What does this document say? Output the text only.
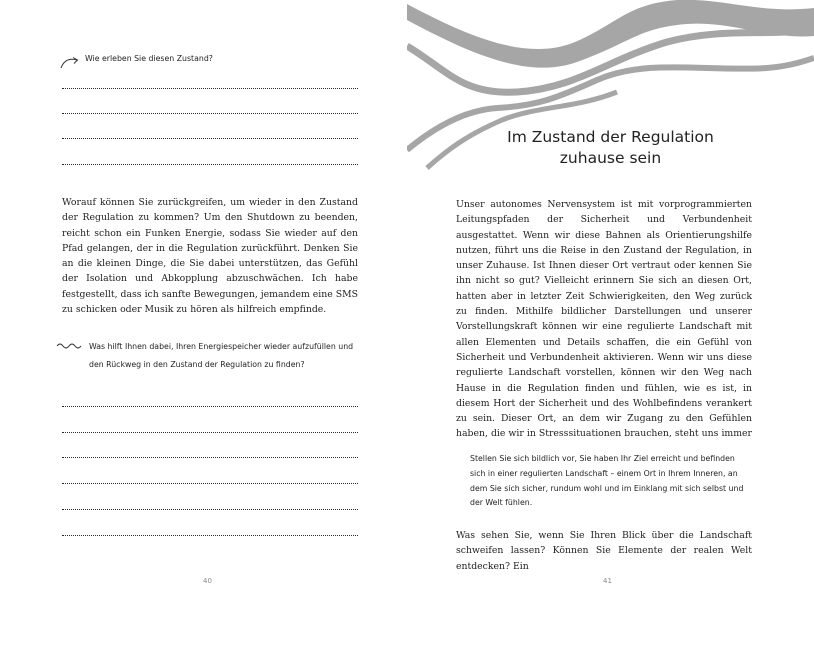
Wie erleben Sie diesen Zustand?
Worauf können Sie zurückgreifen, um wieder in den Zustand der Regulation zu kommen? Um den Shutdown zu beenden, reicht schon ein Funken Energie, sodass Sie wieder auf den Pfad gelangen, der in die Regulation zurückführt. Denken Sie an die kleinen Dinge, die Sie dabei unterstützen, das Gefühl der Isolation und Abkopplung abzuschwächen. Ich habe festgestellt, dass ich sanfte Bewegungen, jemandem eine SMS zu schicken oder Musik zu hören als hilfreich empfinde.
Was hilft Ihnen dabei, Ihren Energiespeicher wieder aufzufüllen und den Rückweg in den Zustand der Regulation zu finden?
40
Im Zustand der Regulation
zuhause sein
Unser autonomes Nervensystem ist mit vorprogrammierten Leitungspfaden der Sicherheit und Verbundenheit ausgestattet. Wenn wir diese Bahnen als Orientierungshilfe nutzen, führt uns die Reise in den Zustand der Regulation, in unser Zuhause. Ist Ihnen dieser Ort vertraut oder kennen Sie ihn nicht so gut? Vielleicht erinnern Sie sich an diesen Ort, hatten aber in letzter Zeit Schwierigkeiten, den Weg zurück zu finden. Mithilfe bildlicher Darstellungen und unserer Vorstellungskraft können wir eine regulierte Landschaft mit allen Elementen und Details schaffen, die ein Gefühl von Sicherheit und Verbundenheit aktivieren. Wenn wir uns diese regulierte Landschaft vorstellen, können wir den Weg nach Hause in die Regulation finden und fühlen, wie es ist, in diesem Hort der Sicherheit und des Wohlbefindens verankert zu sein. Dieser Ort, an dem wir Zugang zu den Gefühlen haben, die wir in Stresssituationen brauchen, steht uns immer
Stellen Sie sich bildlich vor, Sie haben Ihr Ziel erreicht und befinden sich in einer regulierten Landschaft – einem Ort in Ihrem Inneren, an dem Sie sich sicher, rundum wohl und im Einklang mit sich selbst und der Welt fühlen.
Was sehen Sie, wenn Sie Ihren Blick über die Landschaft schweifen lassen? Können Sie Elemente der realen Welt entdecken? Ein
41
